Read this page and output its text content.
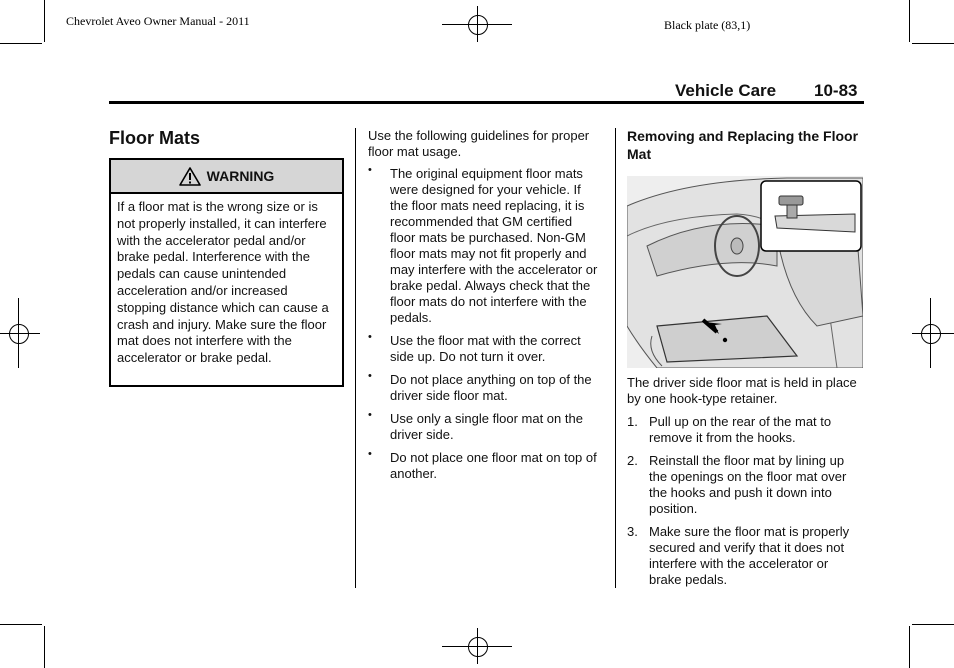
Chevrolet Aveo Owner Manual - 2011	Black plate (83,1)
Vehicle Care 10-83
Floor Mats
WARNING
If a floor mat is the wrong size or is not properly installed, it can interfere with the accelerator pedal and/or brake pedal. Interference with the pedals can cause unintended acceleration and/or increased stopping distance which can cause a crash and injury. Make sure the floor mat does not interfere with the accelerator or brake pedal.
Use the following guidelines for proper floor mat usage.
• The original equipment floor mats were designed for your vehicle. If the floor mats need replacing, it is recommended that GM certified floor mats be purchased. Non-GM floor mats may not fit properly and may interfere with the accelerator or brake pedal. Always check that the floor mats do not interfere with the pedals.
• Use the floor mat with the correct side up. Do not turn it over.
• Do not place anything on top of the driver side floor mat.
• Use only a single floor mat on the driver side.
• Do not place one floor mat on top of another.
Removing and Replacing the Floor Mat
The driver side floor mat is held in place by one hook-type retainer.
1. Pull up on the rear of the mat to remove it from the hooks.
2. Reinstall the floor mat by lining up the openings on the floor mat over the hooks and push it down into position.
3. Make sure the floor mat is properly secured and verify that it does not interfere with the accelerator or brake pedals.
